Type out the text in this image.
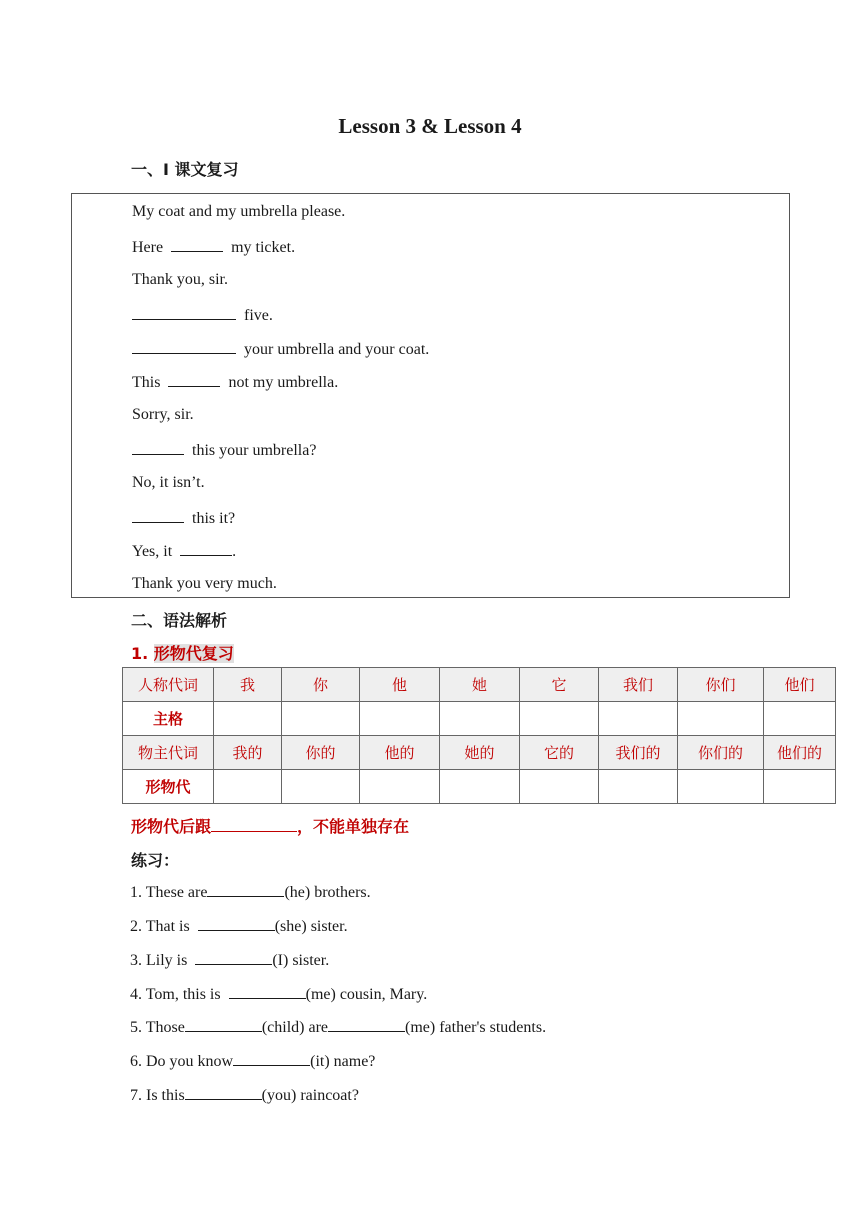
Lesson 3 & Lesson 4
一、I 课文复习
My coat and my umbrella please.
Here	my ticket.
Thank you, sir.
five.
your umbrella and your coat.
This	not my umbrella.
Sorry, sir.
this your umbrella?
No, it isn’t.
this it?
Yes, it	.
Thank you very much.
二、语法解析
1. 形物代复习
人称代词	我	你	他	她	它	我们	你们	他们
主格								
物主代词	我的	你的	他的	她的	它的	我们的	你们的	他们的
形物代								
形物代后跟	，不能单独存在
练习：
1. These are	(he) brothers.
2. That is	(she) sister.
3. Lily is	(I) sister.
4. Tom, this is	(me) cousin, Mary.
5. Those	(child) are	(me) father's students.
6. Do you know	(it) name?
7. Is this	(you) raincoat?
